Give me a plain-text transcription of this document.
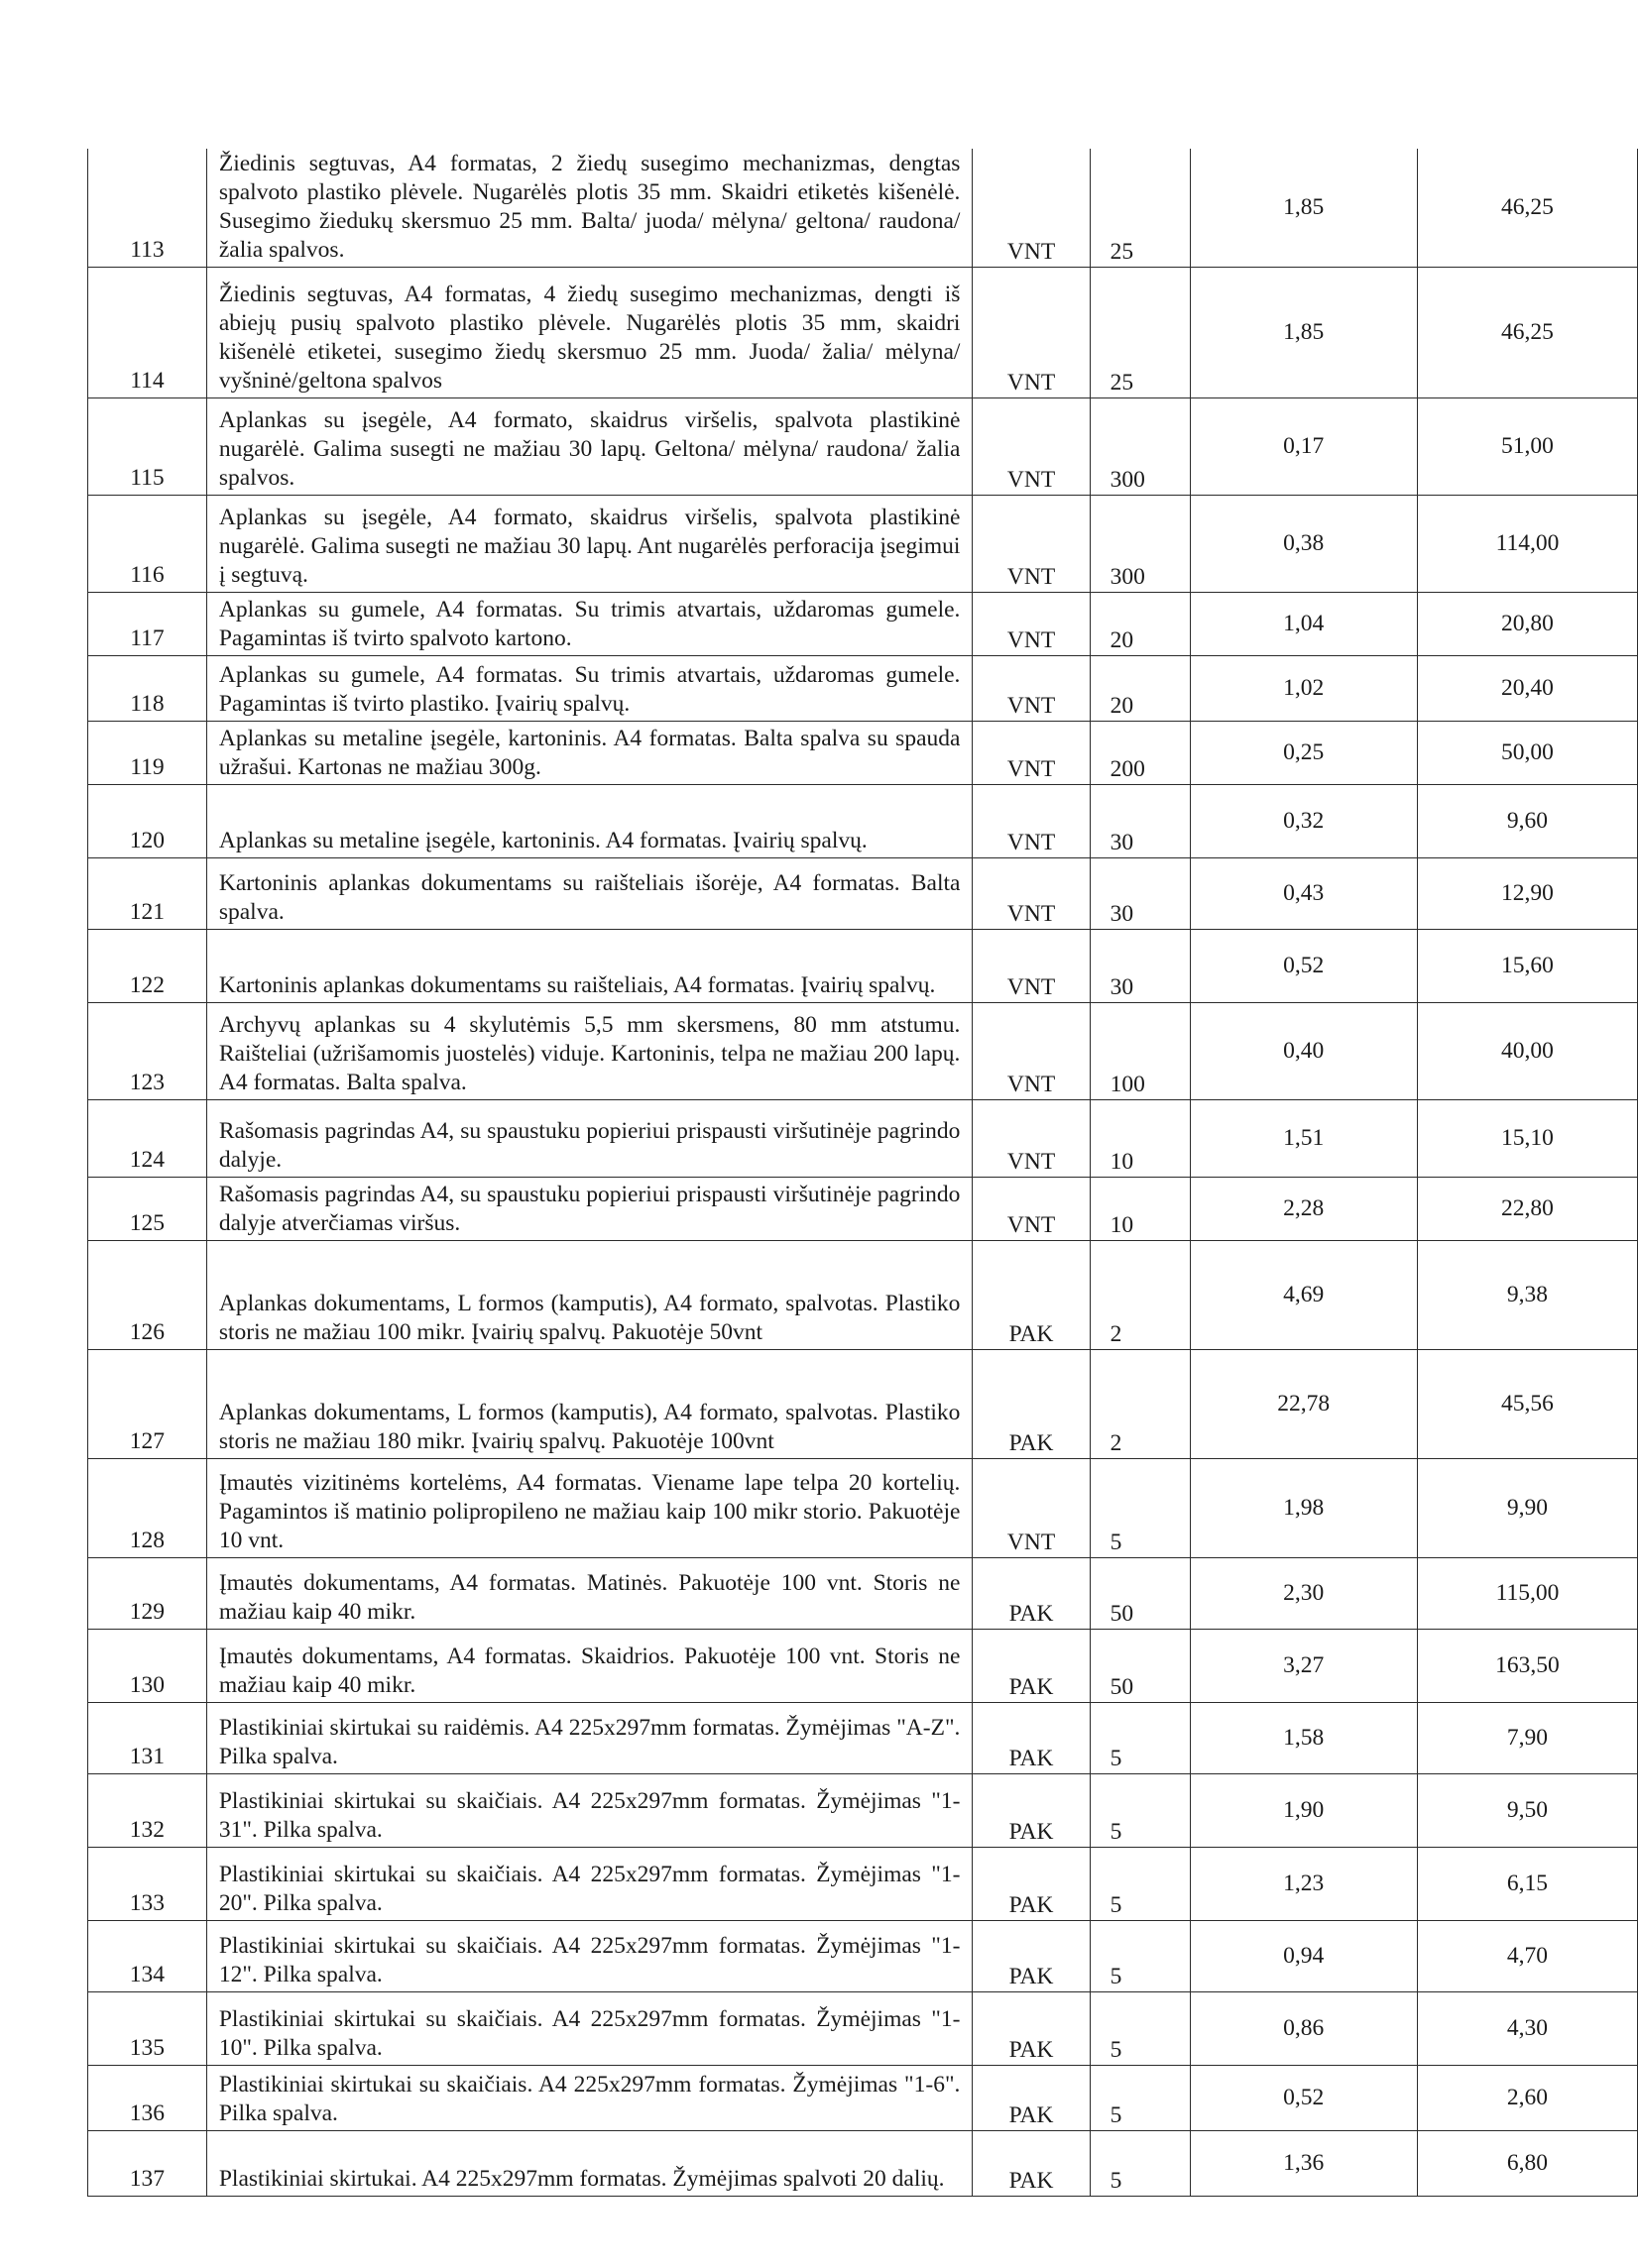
113	Žiedinis segtuvas, A4 formatas, 2 žiedų susegimo mechanizmas, dengtas spalvoto plastiko plėvele. Nugarėlės plotis 35 mm. Skaidri etiketės kišenėlė. Susegimo žiedukų skersmuo 25 mm. Balta/ juoda/ mėlyna/ geltona/ raudona/ žalia spalvos.	VNT	25	1,85	46,25
114	Žiedinis segtuvas, A4 formatas, 4 žiedų susegimo mechanizmas, dengti iš abiejų pusių spalvoto plastiko plėvele. Nugarėlės plotis 35 mm, skaidri kišenėlė etiketei, susegimo žiedų skersmuo 25 mm. Juoda/ žalia/ mėlyna/ vyšninė/geltona spalvos	VNT	25	1,85	46,25
115	Aplankas su įsegėle, A4 formato, skaidrus viršelis, spalvota plastikinė nugarėlė. Galima susegti ne mažiau 30 lapų. Geltona/ mėlyna/ raudona/ žalia spalvos.	VNT	300	0,17	51,00
116	Aplankas su įsegėle, A4 formato, skaidrus viršelis, spalvota plastikinė nugarėlė. Galima susegti ne mažiau 30 lapų. Ant nugarėlės perforacija įsegimui į segtuvą.	VNT	300	0,38	114,00
117	Aplankas su gumele, A4 formatas. Su trimis atvartais, uždaromas gumele. Pagamintas iš tvirto spalvoto kartono.	VNT	20	1,04	20,80
118	Aplankas su gumele, A4 formatas. Su trimis atvartais, uždaromas gumele. Pagamintas iš tvirto plastiko. Įvairių spalvų.	VNT	20	1,02	20,40
119	Aplankas su metaline įsegėle, kartoninis. A4 formatas. Balta spalva su spauda užrašui. Kartonas ne mažiau 300g.	VNT	200	0,25	50,00
120	Aplankas su metaline įsegėle, kartoninis. A4 formatas. Įvairių spalvų.	VNT	30	0,32	9,60
121	Kartoninis aplankas dokumentams su raišteliais išorėje, A4 formatas. Balta spalva.	VNT	30	0,43	12,90
122	Kartoninis aplankas dokumentams su raišteliais, A4 formatas. Įvairių spalvų.	VNT	30	0,52	15,60
123	Archyvų aplankas su 4 skylutėmis 5,5 mm skersmens, 80 mm atstumu. Raišteliai (užrišamomis juostelės) viduje. Kartoninis, telpa ne mažiau 200 lapų. A4 formatas. Balta spalva.	VNT	100	0,40	40,00
124	Rašomasis pagrindas A4, su spaustuku popieriui prispausti viršutinėje pagrindo dalyje.	VNT	10	1,51	15,10
125	Rašomasis pagrindas A4, su spaustuku popieriui prispausti viršutinėje pagrindo dalyje atverčiamas viršus.	VNT	10	2,28	22,80
126	Aplankas dokumentams, L formos (kamputis), A4 formato, spalvotas. Plastiko storis ne mažiau 100 mikr. Įvairių spalvų. Pakuotėje 50vnt	PAK	2	4,69	9,38
127	Aplankas dokumentams, L formos (kamputis), A4 formato, spalvotas. Plastiko storis ne mažiau 180 mikr. Įvairių spalvų. Pakuotėje 100vnt	PAK	2	22,78	45,56
128	Įmautės vizitinėms kortelėms, A4 formatas. Viename lape telpa 20 kortelių. Pagamintos iš matinio polipropileno ne mažiau kaip 100 mikr storio. Pakuotėje 10 vnt.	VNT	5	1,98	9,90
129	Įmautės dokumentams, A4 formatas. Matinės. Pakuotėje 100 vnt. Storis ne mažiau kaip 40 mikr.	PAK	50	2,30	115,00
130	Įmautės dokumentams, A4 formatas. Skaidrios. Pakuotėje 100 vnt. Storis ne mažiau kaip 40 mikr.	PAK	50	3,27	163,50
131	Plastikiniai skirtukai su raidėmis. A4 225x297mm formatas. Žymėjimas "A-Z". Pilka spalva.	PAK	5	1,58	7,90
132	Plastikiniai skirtukai su skaičiais. A4 225x297mm formatas. Žymėjimas "1-31". Pilka spalva.	PAK	5	1,90	9,50
133	Plastikiniai skirtukai su skaičiais. A4 225x297mm formatas. Žymėjimas "1-20". Pilka spalva.	PAK	5	1,23	6,15
134	Plastikiniai skirtukai su skaičiais. A4 225x297mm formatas. Žymėjimas "1-12". Pilka spalva.	PAK	5	0,94	4,70
135	Plastikiniai skirtukai su skaičiais. A4 225x297mm formatas. Žymėjimas "1-10". Pilka spalva.	PAK	5	0,86	4,30
136	Plastikiniai skirtukai su skaičiais. A4 225x297mm formatas. Žymėjimas "1-6". Pilka spalva.	PAK	5	0,52	2,60
137	Plastikiniai skirtukai. A4 225x297mm formatas. Žymėjimas spalvoti 20 dalių.	PAK	5	1,36	6,80
